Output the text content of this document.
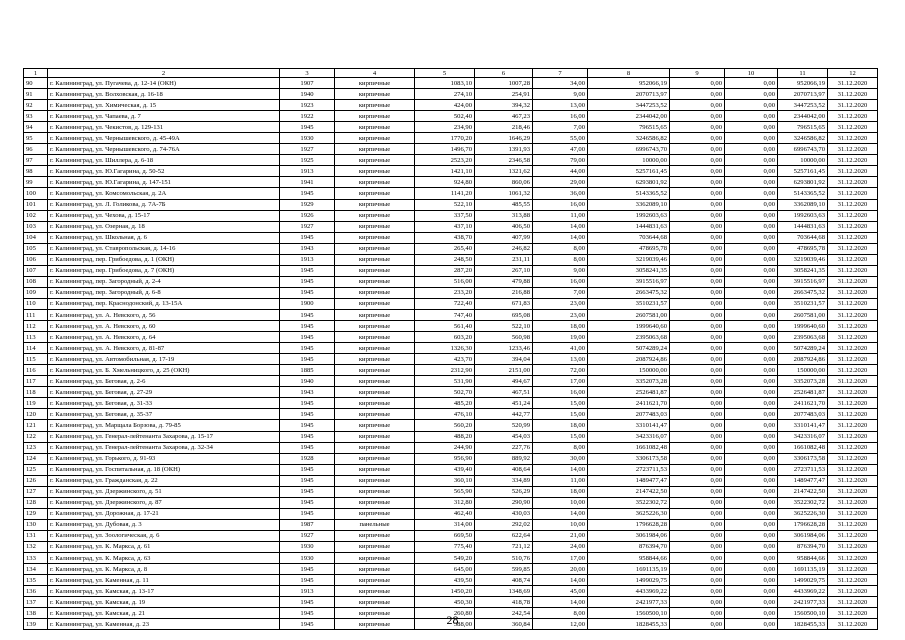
1	2	3	4	5	6	7	8	9	10	11	12
90	г. Калининград, ул. Пугачева, д. 12-14 (ОКН)	1907	кирпичные	1083,10	1007,28	34,00	952066,19	0,00	0,00	952066,19	31.12.2020
91	г. Калининград, ул. Волховская, д. 16-18	1940	кирпичные	274,10	254,91	9,00	2070713,97	0,00	0,00	2070713,97	31.12.2020
92	г. Калининград, ул. Химическая, д. 15	1923	кирпичные	424,00	394,32	13,00	3447253,52	0,00	0,00	3447253,52	31.12.2020
93	г. Калининград, ул. Чапаева, д. 7	1922	кирпичные	502,40	467,23	16,00	2344042,00	0,00	0,00	2344042,00	31.12.2020
94	г. Калининград, ул. Чекистов, д. 129-131	1945	кирпичные	234,90	218,46	7,00	796515,65	0,00	0,00	796515,65	31.12.2020
95	г. Калининград, ул. Чернышевского, д. 45-49А	1930	кирпичные	1770,20	1646,29	55,00	3246586,82	0,00	0,00	3246586,82	31.12.2020
96	г. Калининград, ул. Чернышевского, д. 74-76А	1927	кирпичные	1496,70	1391,93	47,00	6996743,70	0,00	0,00	6996743,70	31.12.2020
97	г. Калининград, ул. Шиллера, д. 6-18	1925	кирпичные	2523,20	2346,58	79,00	10000,00	0,00	0,00	10000,00	31.12.2020
98	г. Калининград, ул. Ю.Гагарина, д. 50-52	1913	кирпичные	1421,10	1321,62	44,00	5257161,45	0,00	0,00	5257161,45	31.12.2020
99	г. Калининград, ул. Ю.Гагарина, д. 147-151	1941	кирпичные	924,80	860,06	29,00	6293801,92	0,00	0,00	6293801,92	31.12.2020
100	г. Калининград, ул. Комсомольская, д. 2А	1945	кирпичные	1141,20	1061,32	36,00	5143365,52	0,00	0,00	5143365,52	31.12.2020
101	г. Калининград, ул. Л. Голикова, д. 7А-7Б	1929	кирпичные	522,10	485,55	16,00	3362089,10	0,00	0,00	3362089,10	31.12.2020
102	г. Калининград, ул. Чехова, д. 15-17	1926	кирпичные	337,50	313,88	11,00	1992603,63	0,00	0,00	1992603,63	31.12.2020
103	г. Калининград, ул. Озерная, д. 18	1927	кирпичные	437,10	406,50	14,00	1444831,63	0,00	0,00	1444831,63	31.12.2020
104	г. Калининград, ул. Школьная, д. 6	1945	кирпичные	438,70	407,99	14,00	703644,68	0,00	0,00	703644,68	31.12.2020
105	г. Калининград, ул. Ставропольская, д. 14-16	1943	кирпичные	265,40	246,82	8,00	478695,78	0,00	0,00	478695,78	31.12.2020
106	г. Калининград, пер. Грибоедова, д. 1 (ОКН)	1913	кирпичные	248,50	231,11	8,00	3219039,46	0,00	0,00	3219039,46	31.12.2020
107	г. Калининград, пер. Грибоедова, д. 7 (ОКН)	1945	кирпичные	287,20	267,10	9,00	3058241,35	0,00	0,00	3058241,35	31.12.2020
108	г. Калининград, пер. Загородный, д. 2-4	1945	кирпичные	516,00	479,88	16,00	3915516,97	0,00	0,00	3915516,97	31.12.2020
109	г. Калининград, пер. Загородный, д. 6-8	1945	кирпичные	233,20	216,88	7,00	2663475,32	0,00	0,00	2663475,32	31.12.2020
110	г. Калининград, пер. Краснодонский, д. 13-15А	1900	кирпичные	722,40	671,83	23,00	3510231,57	0,00	0,00	3510231,57	31.12.2020
111	г. Калининград, ул. А. Невского, д. 56	1945	кирпичные	747,40	695,08	23,00	2607581,00	0,00	0,00	2607581,00	31.12.2020
112	г. Калининград, ул. А. Невского, д. 60	1945	кирпичные	561,40	522,10	18,00	1999640,60	0,00	0,00	1999640,60	31.12.2020
113	г. Калининград, ул. А. Невского, д. 64	1945	кирпичные	603,20	560,98	19,00	2395063,68	0,00	0,00	2395063,68	31.12.2020
114	г. Калининград, ул. А. Невского, д. 81-87	1945	кирпичные	1326,30	1233,46	41,00	5074289,24	0,00	0,00	5074289,24	31.12.2020
115	г. Калининград, ул. Автомобильная, д. 17-19	1945	кирпичные	423,70	394,04	13,00	2087924,86	0,00	0,00	2087924,86	31.12.2020
116	г. Калининград, ул. Б. Хмельницкого, д. 25 (ОКН)	1885	кирпичные	2312,90	2151,00	72,00	150000,00	0,00	0,00	150000,00	31.12.2020
117	г. Калининград, ул. Беговая, д. 2-6	1940	кирпичные	531,90	494,67	17,00	3352073,28	0,00	0,00	3352073,28	31.12.2020
118	г. Калининград, ул. Беговая, д. 27-29	1943	кирпичные	502,70	467,51	16,00	2526481,87	0,00	0,00	2526481,87	31.12.2020
119	г. Калининград, ул. Беговая, д. 31-33	1945	кирпичные	485,20	451,24	15,00	2411621,70	0,00	0,00	2411621,70	31.12.2020
120	г. Калининград, ул. Беговая, д. 35-37	1945	кирпичные	476,10	442,77	15,00	2077483,03	0,00	0,00	2077483,03	31.12.2020
121	г. Калининград, ул. Марщала Борзова, д. 79-85	1945	кирпичные	560,20	520,99	18,00	3310141,47	0,00	0,00	3310141,47	31.12.2020
122	г. Калининград, ул. Генерал-лейтенанта Захарова, д. 15-17	1945	кирпичные	488,20	454,03	15,00	3423316,07	0,00	0,00	3423316,07	31.12.2020
123	г. Калининград, ул. Генерал-лейтенанта Захарова, д. 32-34	1945	кирпичные	244,90	227,76	8,00	1661082,48	0,00	0,00	1661082,48	31.12.2020
124	г. Калининград, ул. Горького, д. 91-93	1928	кирпичные	956,90	889,92	30,00	3306173,58	0,00	0,00	3306173,58	31.12.2020
125	г. Калининград, ул. Госпитальная, д. 18 (ОКН)	1945	кирпичные	439,40	408,64	14,00	2723711,53	0,00	0,00	2723711,53	31.12.2020
126	г. Калининград, ул. Гражданская, д. 22	1945	кирпичные	360,10	334,89	11,00	1489477,47	0,00	0,00	1489477,47	31.12.2020
127	г. Калининград, ул. Дзержинского, д. 51	1945	кирпичные	565,90	526,29	18,00	2147422,50	0,00	0,00	2147422,50	31.12.2020
128	г. Калининград, ул. Дзержинского, д. 87	1945	кирпичные	312,80	290,90	10,00	3522302,72	0,00	0,00	3522302,72	31.12.2020
129	г. Калининград, ул. Дорожная, д. 17-21	1945	кирпичные	462,40	430,03	14,00	3625226,30	0,00	0,00	3625226,30	31.12.2020
130	г. Калининград, ул. Дубовая, д. 3	1987	панельные	314,00	292,02	10,00	1796628,28	0,00	0,00	1796628,28	31.12.2020
131	г. Калининград, ул. Зоологическая, д. 6	1927	кирпичные	669,50	622,64	21,00	3061984,06	0,00	0,00	3061984,06	31.12.2020
132	г. Калининград, ул. К. Маркса, д. 61	1930	кирпичные	775,40	721,12	24,00	876394,70	0,00	0,00	876394,70	31.12.2020
133	г. Калининград, ул. К. Маркса, д. 63	1930	кирпичные	549,20	510,76	17,00	958844,66	0,00	0,00	958844,66	31.12.2020
134	г. Калининград, ул. К. Маркса, д. 8	1945	кирпичные	645,00	599,85	20,00	1691135,19	0,00	0,00	1691135,19	31.12.2020
135	г. Калининград, ул. Каменная, д. 11	1945	кирпичные	439,50	408,74	14,00	1499029,75	0,00	0,00	1499029,75	31.12.2020
136	г. Калининград, ул. Камская, д. 13-17	1913	кирпичные	1450,20	1348,69	45,00	4433969,22	0,00	0,00	4433969,22	31.12.2020
137	г. Калининград, ул. Камская, д. 19	1945	кирпичные	450,30	418,78	14,00	2421977,33	0,00	0,00	2421977,33	31.12.2020
138	г. Калининград, ул. Камская, д. 21	1945	кирпичные	260,80	242,54	8,00	1560500,10	0,00	0,00	1560500,10	31.12.2020
139	г. Калининград, ул. Каменная, д. 23	1945	кирпичные	388,00	360,84	12,00	1828455,33	0,00	0,00	1828455,33	31.12.2020
28
